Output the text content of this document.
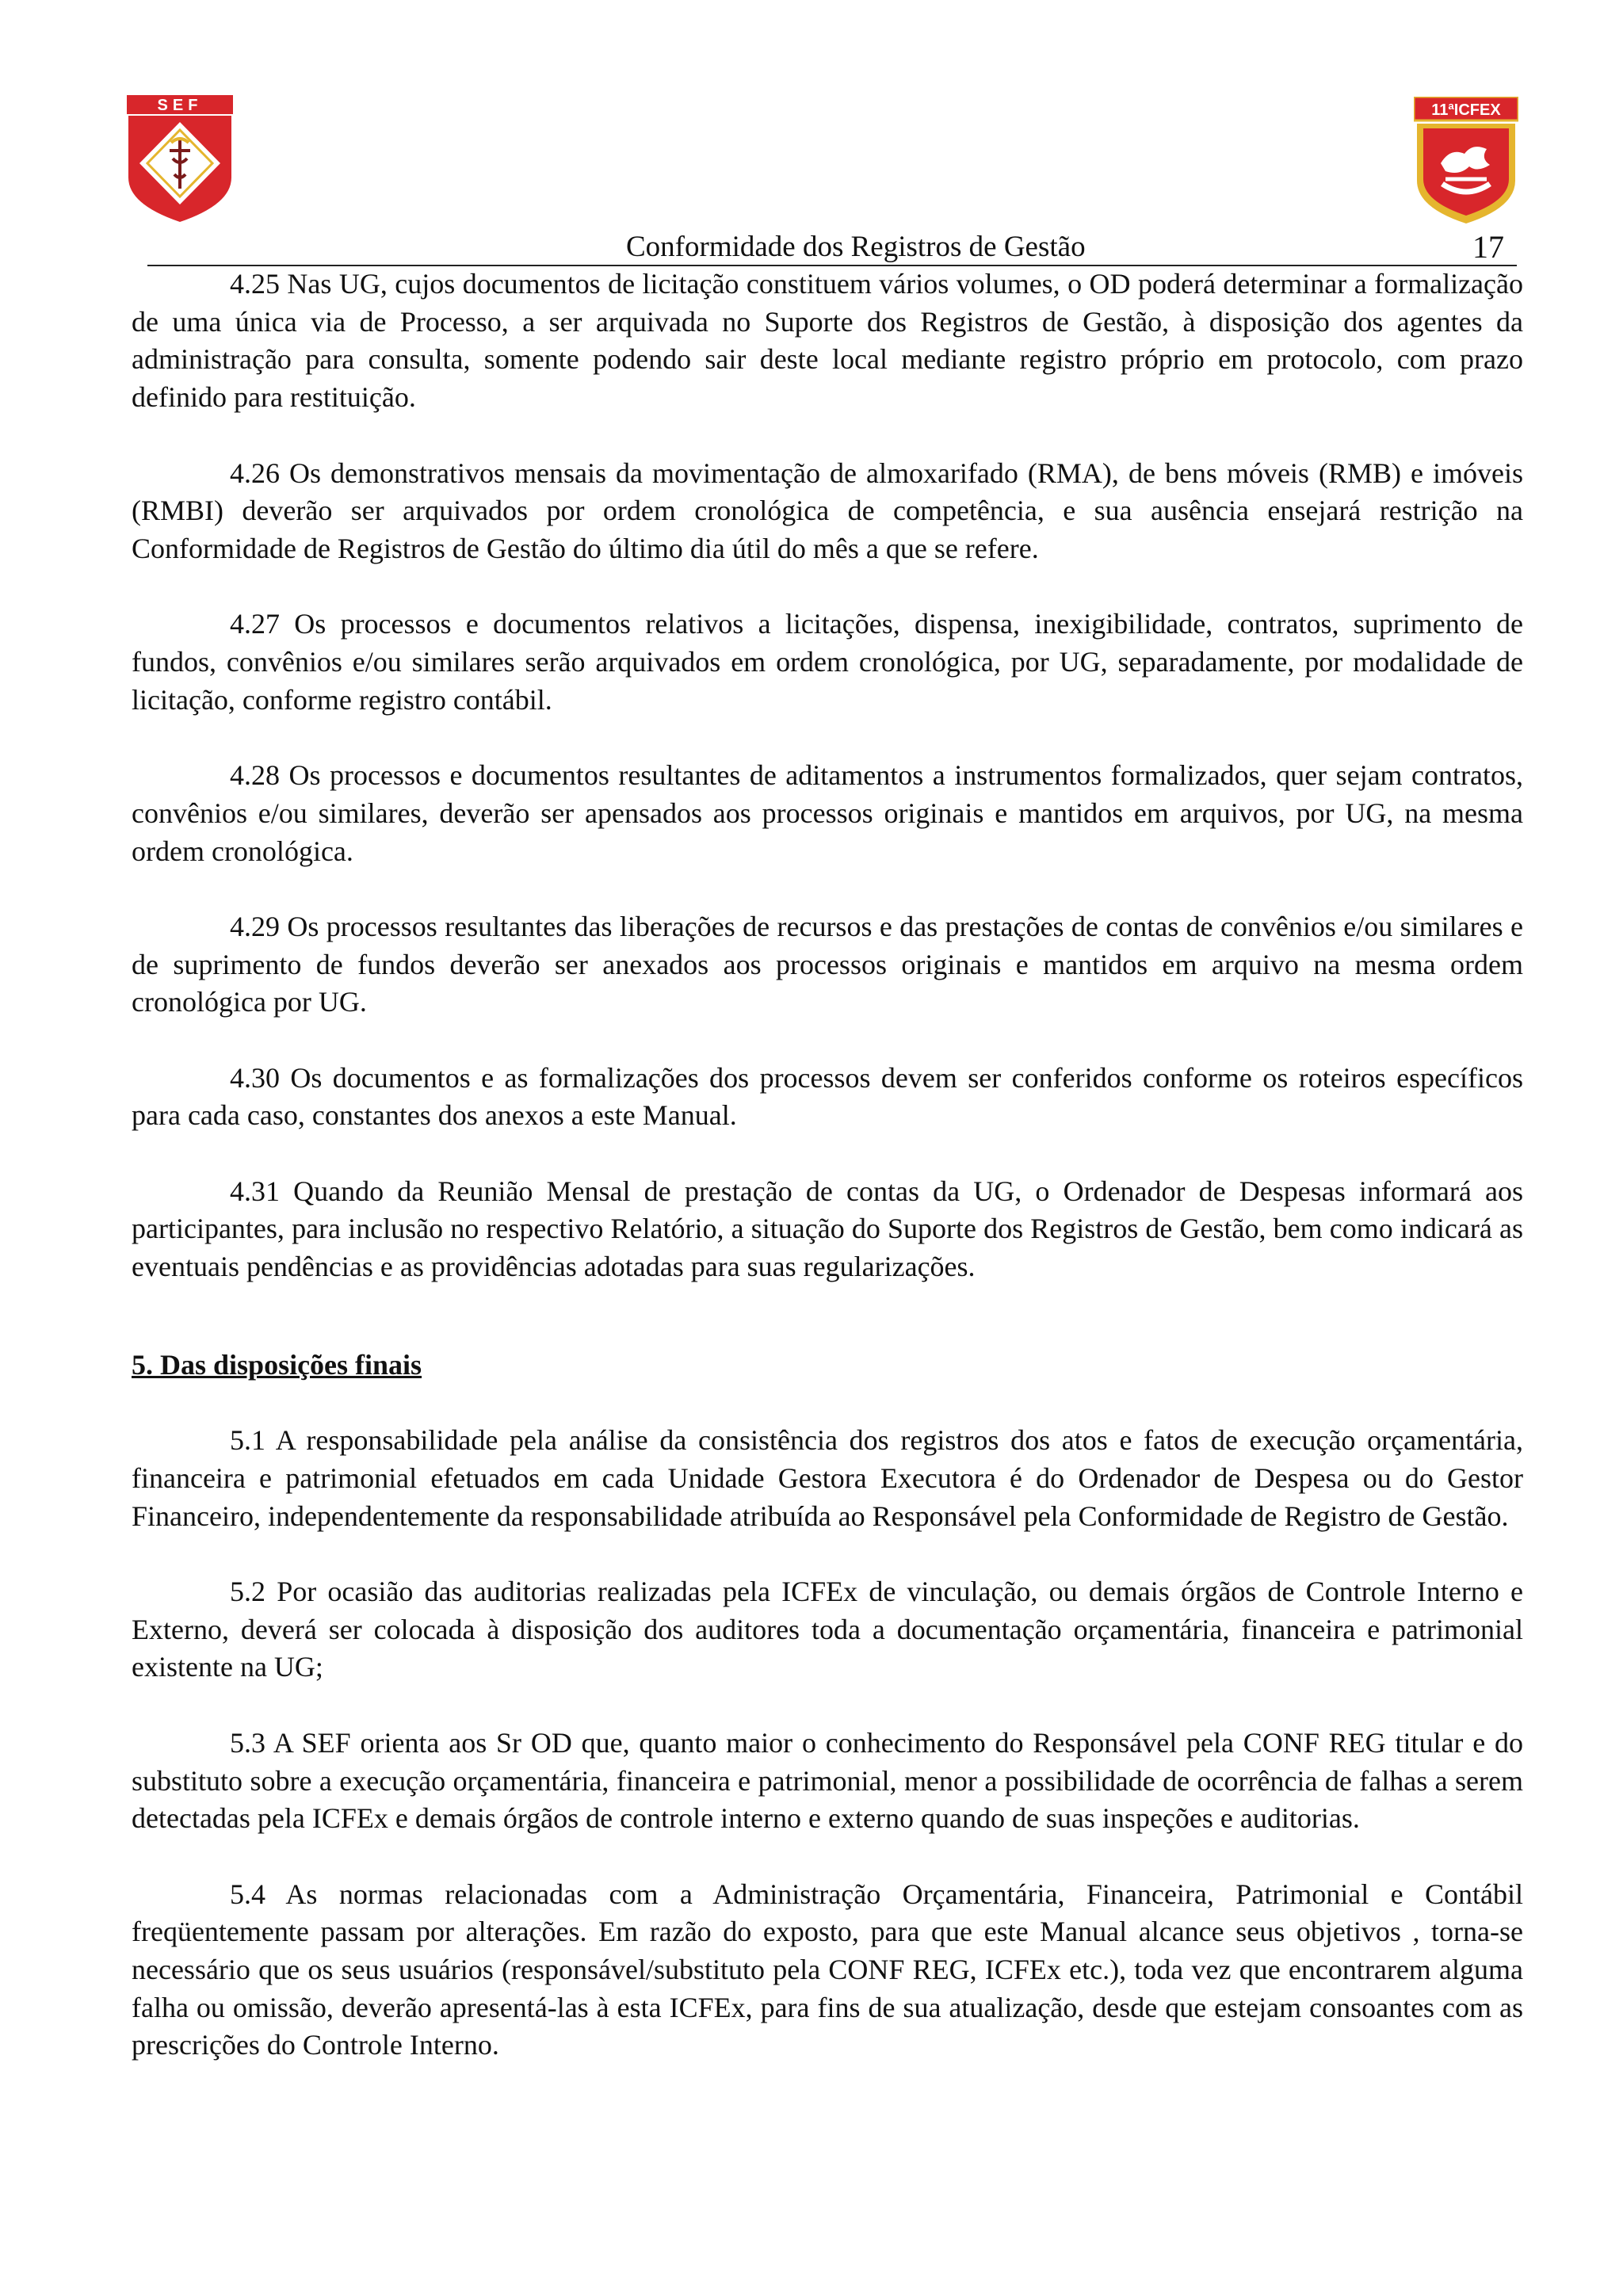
SEF	11ªICFEX
Conformidade dos Registros de Gestão	17

4.25 Nas UG, cujos documentos de licitação constituem vários volumes, o OD poderá determinar a formalização de uma única via de Processo, a ser arquivada no Suporte dos Registros de Gestão, à disposição dos agentes da administração para consulta, somente podendo sair deste local mediante registro próprio em protocolo, com prazo definido para restituição.

4.26 Os demonstrativos mensais da movimentação de almoxarifado (RMA), de bens móveis (RMB) e imóveis (RMBI) deverão ser arquivados por ordem cronológica de competência, e sua ausência ensejará restrição na Conformidade de Registros de Gestão do último dia útil do mês a que se refere.

4.27 Os processos e documentos relativos a licitações, dispensa, inexigibilidade, contratos, suprimento de fundos, convênios e/ou similares serão arquivados em ordem cronológica, por UG, separadamente, por modalidade de licitação, conforme registro contábil.

4.28 Os processos e documentos resultantes de aditamentos a instrumentos formalizados, quer sejam contratos, convênios e/ou similares, deverão ser apensados aos processos originais e mantidos em arquivos, por UG, na mesma ordem cronológica.

4.29 Os processos resultantes das liberações de recursos e das prestações de contas de convênios e/ou similares e de suprimento de fundos deverão ser anexados aos processos originais e mantidos em arquivo na mesma ordem cronológica por UG.

4.30 Os documentos e as formalizações dos processos devem ser conferidos conforme os roteiros específicos para cada caso, constantes dos anexos a este Manual.

4.31 Quando da Reunião Mensal de prestação de contas da UG, o Ordenador de Despesas informará aos participantes, para inclusão no respectivo Relatório, a situação do Suporte dos Registros de Gestão, bem como indicará as eventuais pendências e as providências adotadas para suas regularizações.

5. Das disposições finais

5.1 A responsabilidade pela análise da consistência dos registros dos atos e fatos de execução orçamentária, financeira e patrimonial efetuados em cada Unidade Gestora Executora é do Ordenador de Despesa ou do Gestor Financeiro, independentemente da responsabilidade atribuída ao Responsável pela Conformidade de Registro de Gestão.

5.2 Por ocasião das auditorias realizadas pela ICFEx de vinculação, ou demais órgãos de Controle Interno e Externo, deverá ser colocada à disposição dos auditores toda a documentação orçamentária, financeira e patrimonial existente na UG;

5.3 A SEF orienta aos Sr OD que, quanto maior o conhecimento do Responsável pela CONF REG titular e do substituto sobre a execução orçamentária, financeira e patrimonial, menor a possibilidade de ocorrência de falhas a serem detectadas pela ICFEx e demais órgãos de controle interno e externo quando de suas inspeções e auditorias.

5.4 As normas relacionadas com a Administração Orçamentária, Financeira, Patrimonial e Contábil freqüentemente passam por alterações. Em razão do exposto, para que este Manual alcance seus objetivos , torna-se necessário que os seus usuários (responsável/substituto pela CONF REG, ICFEx etc.), toda vez que encontrarem alguma falha ou omissão, deverão apresentá-las à esta ICFEx, para fins de sua atualização, desde que estejam consoantes com as prescrições do Controle Interno.
